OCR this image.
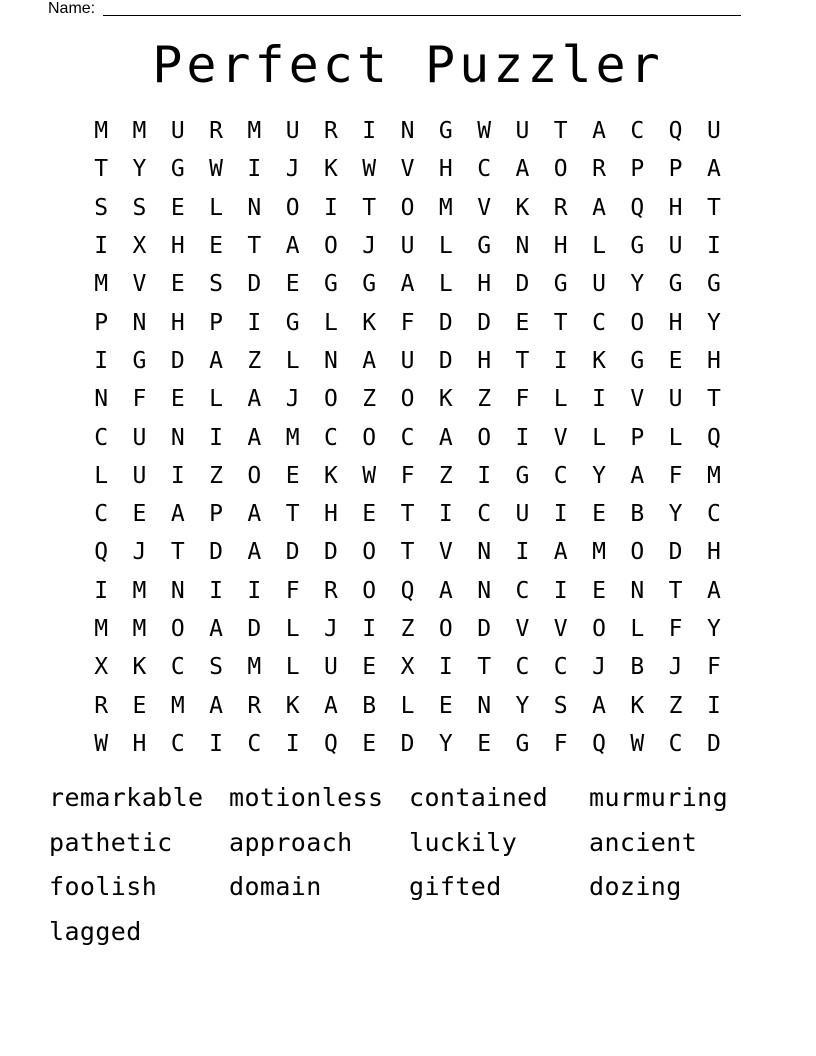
Name:
Perfect Puzzler
M	M	U	R	M	U	R	I	N	G	W	U	T	A	C	Q	U
T	Y	G	W	I	J	K	W	V	H	C	A	O	R	P	P	A
S	S	E	L	N	O	I	T	O	M	V	K	R	A	Q	H	T
I	X	H	E	T	A	O	J	U	L	G	N	H	L	G	U	I
M	V	E	S	D	E	G	G	A	L	H	D	G	U	Y	G	G
P	N	H	P	I	G	L	K	F	D	D	E	T	C	O	H	Y
I	G	D	A	Z	L	N	A	U	D	H	T	I	K	G	E	H
N	F	E	L	A	J	O	Z	O	K	Z	F	L	I	V	U	T
C	U	N	I	A	M	C	O	C	A	O	I	V	L	P	L	Q
L	U	I	Z	O	E	K	W	F	Z	I	G	C	Y	A	F	M
C	E	A	P	A	T	H	E	T	I	C	U	I	E	B	Y	C
Q	J	T	D	A	D	D	O	T	V	N	I	A	M	O	D	H
I	M	N	I	I	F	R	O	Q	A	N	C	I	E	N	T	A
M	M	O	A	D	L	J	I	Z	O	D	V	V	O	L	F	Y
X	K	C	S	M	L	U	E	X	I	T	C	C	J	B	J	F
R	E	M	A	R	K	A	B	L	E	N	Y	S	A	K	Z	I
W	H	C	I	C	I	Q	E	D	Y	E	G	F	Q	W	C	D
remarkable	motionless	contained	murmuring
pathetic	approach	luckily	ancient
foolish	domain	gifted	dozing
lagged
